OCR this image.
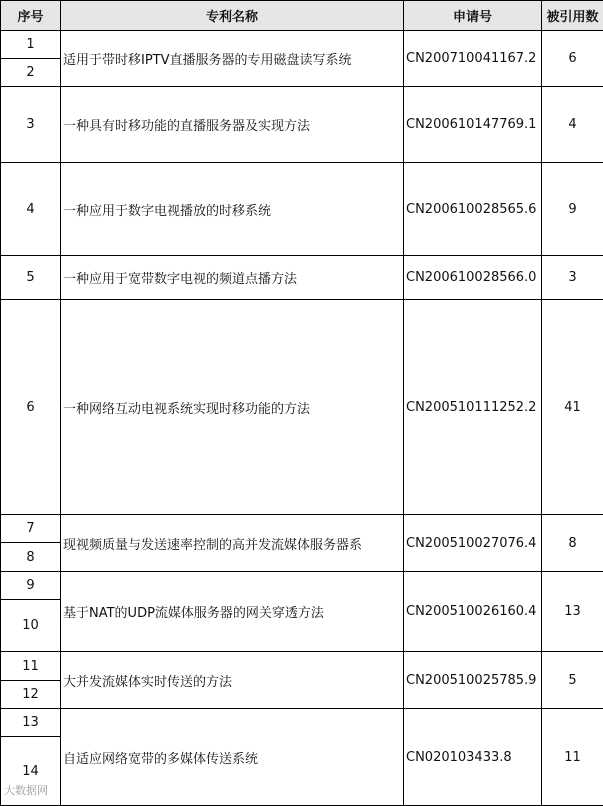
序号	专利名称	申请号	被引用数
1	适用于带时移IPTV直播服务器的专用磁盘读写系统	CN200710041167.2	6
2			
3	一种具有时移功能的直播服务器及实现方法	CN200610147769.1	4
4	一种应用于数字电视播放的时移系统	CN200610028565.6	9
5	一种应用于宽带数字电视的频道点播方法	CN200610028566.0	3
6	一种网络互动电视系统实现时移功能的方法	CN200510111252.2	41
7	现视频质量与发送速率控制的高并发流媒体服务器系	CN200510027076.4	8
8			
9	基于NAT的UDP流媒体服务器的网关穿透方法	CN200510026160.4	13
10			
11	大并发流媒体实时传送的方法	CN200510025785.9	5
12			
13	自适应网络宽带的多媒体传送系统	CN020103433.8	11
14			
大数据网
